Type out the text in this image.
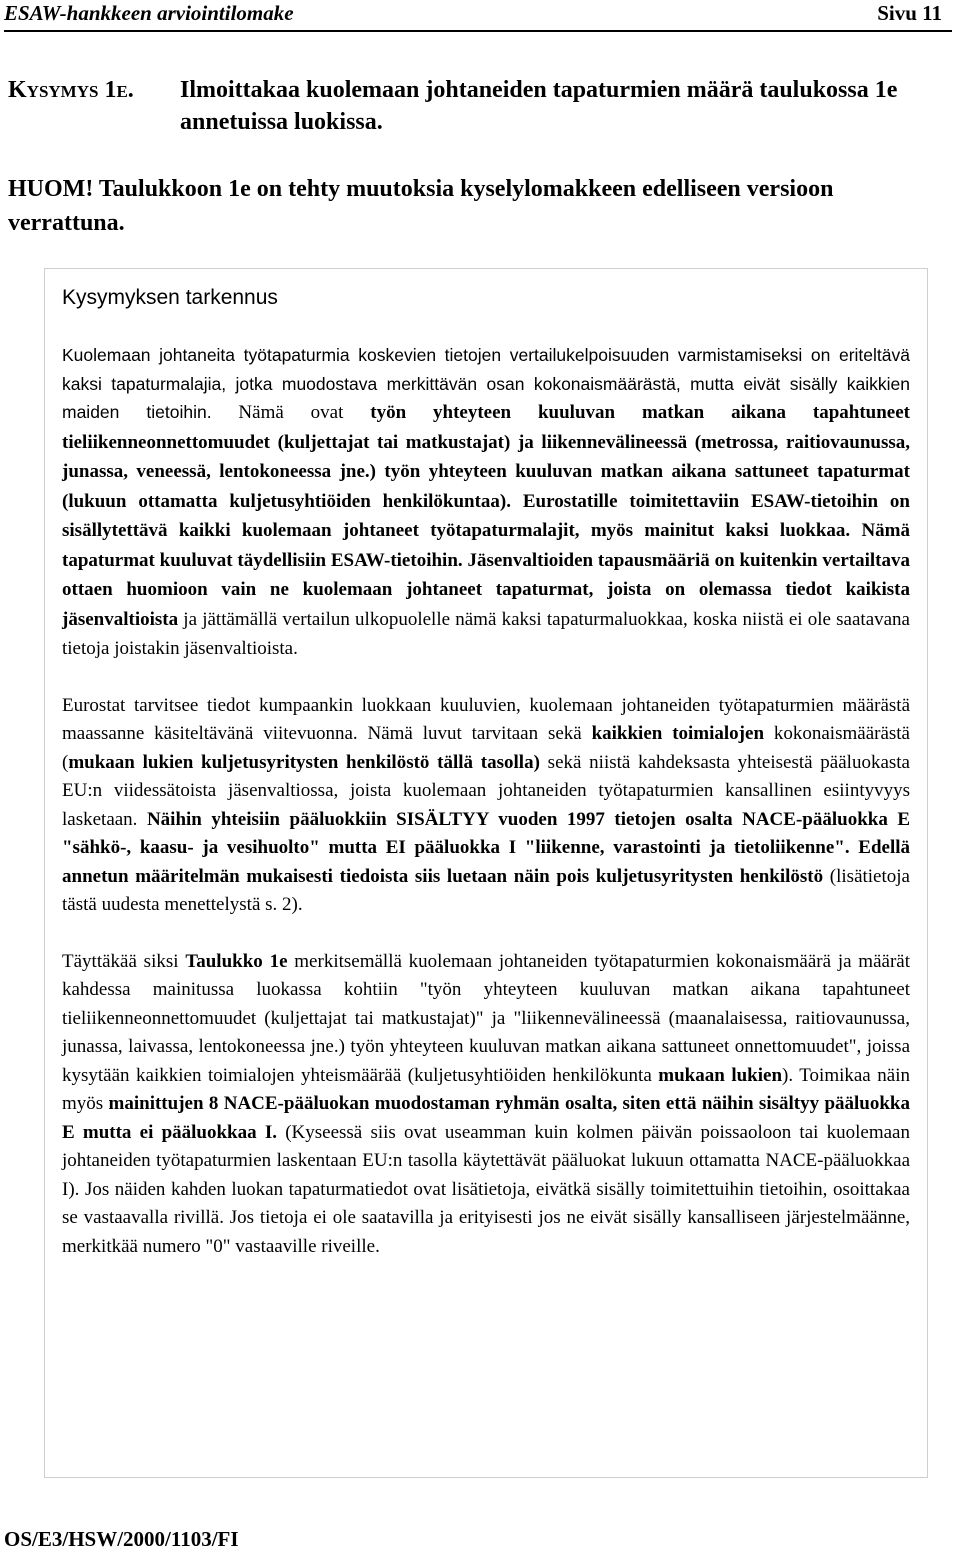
ESAW-hankkeen arviointilomake	Sivu 11
Kysymys 1e. Ilmoittakaa kuolemaan johtaneiden tapaturmien määrä taulukossa 1e annetuissa luokissa.
HUOM! Taulukkoon 1e on tehty muutoksia kyselylomakkeen edelliseen versioon verrattuna.
Kysymyksen tarkennus

Kuolemaan johtaneita työtapaturmia koskevien tietojen vertailukelpoisuuden varmistamiseksi on eriteltävä kaksi tapaturmalajia, jotka muodostava merkittävän osan kokonaismäärästä, mutta eivät sisälly kaikkien maiden tietoihin. Nämä ovat työn yhteyteen kuuluvan matkan aikana tapahtuneet tieliikenneonnettomuudet (kuljettajat tai matkustajat) ja liikennevälineessä (metrossa, raitiovaunussa, junassa, veneessä, lentokoneessa jne.) työn yhteyteen kuuluvan matkan aikana sattuneet tapaturmat (lukuun ottamatta kuljetusyhtiöiden henkilökuntaa). Eurostatille toimitettaviin ESAW-tietoihin on sisällytettävä kaikki kuolemaan johtaneet työtapaturmalajit, myös mainitut kaksi luokkaa. Nämä tapaturmat kuuluvat täydellisiin ESAW-tietoihin. Jäsenvaltioiden tapausmääriä on kuitenkin vertailtava ottaen huomioon vain ne kuolemaan johtaneet tapaturmat, joista on olemassa tiedot kaikista jäsenvaltioista ja jättämällä vertailun ulkopuolelle nämä kaksi tapaturmaluokkaa, koska niistä ei ole saatavana tietoja joistakin jäsenvaltioista.

Eurostat tarvitsee tiedot kumpaankin luokkaan kuuluvien, kuolemaan johtaneiden työtapaturmien määrästä maassanne käsiteltävänä viitevuonna. Nämä luvut tarvitaan sekä kaikkien toimialojen kokonaismäärästä (mukaan lukien kuljetusyritysten henkilöstö tällä tasolla) sekä niistä kahdeksasta yhteisestä pääluokasta EU:n viidessätoista jäsenvaltiossa, joista kuolemaan johtaneiden työtapaturmien kansallinen esiintyvyys lasketaan. Näihin yhteisiin pääluokkiin SISÄLTYY vuoden 1997 tietojen osalta NACE-pääluokka E "sähkö-, kaasu- ja vesihuolto" mutta EI pääluokka I "liikenne, varastointi ja tietoliikenne". Edellä annetun määritelmän mukaisesti tiedoista siis luetaan näin pois kuljetusyritysten henkilöstö (lisätietoja tästä uudesta menettelystä s. 2).

Täyttäkää siksi Taulukko 1e merkitsemällä kuolemaan johtaneiden työtapaturmien kokonaismäärä ja määrät kahdessa mainitussa luokassa kohtiin "työn yhteyteen kuuluvan matkan aikana tapahtuneet tieliikenneonnettomuudet (kuljettajat tai matkustajat)" ja "liikennevälineessä (maanalaisessa, raitiovaunussa, junassa, laivassa, lentokoneessa jne.) työn yhteyteen kuuluvan matkan aikana sattuneet onnettomuudet", joissa kysytään kaikkien toimialojen yhteismäärää (kuljetusyhtiöiden henkilökunta mukaan lukien). Toimikaa näin myös mainittujen 8 NACE-pääluokan muodostaman ryhmän osalta, siten että näihin sisältyy pääluokka E mutta ei pääluokkaa I. (Kyseessä siis ovat useamman kuin kolmen päivän poissaoloon tai kuolemaan johtaneiden työtapaturmien laskentaan EU:n tasolla käytettävät pääluokat lukuun ottamatta NACE-pääluokkaa I). Jos näiden kahden luokan tapaturmatiedot ovat lisätietoja, eivätkä sisälly toimitettuihin tietoihin, osoittakaa se vastaavalla rivillä. Jos tietoja ei ole saatavilla ja erityisesti jos ne eivät sisälly kansalliseen järjestelmäänne, merkitkää numero "0" vastaaville riveille.

OS/E3/HSW/2000/1103/FI
